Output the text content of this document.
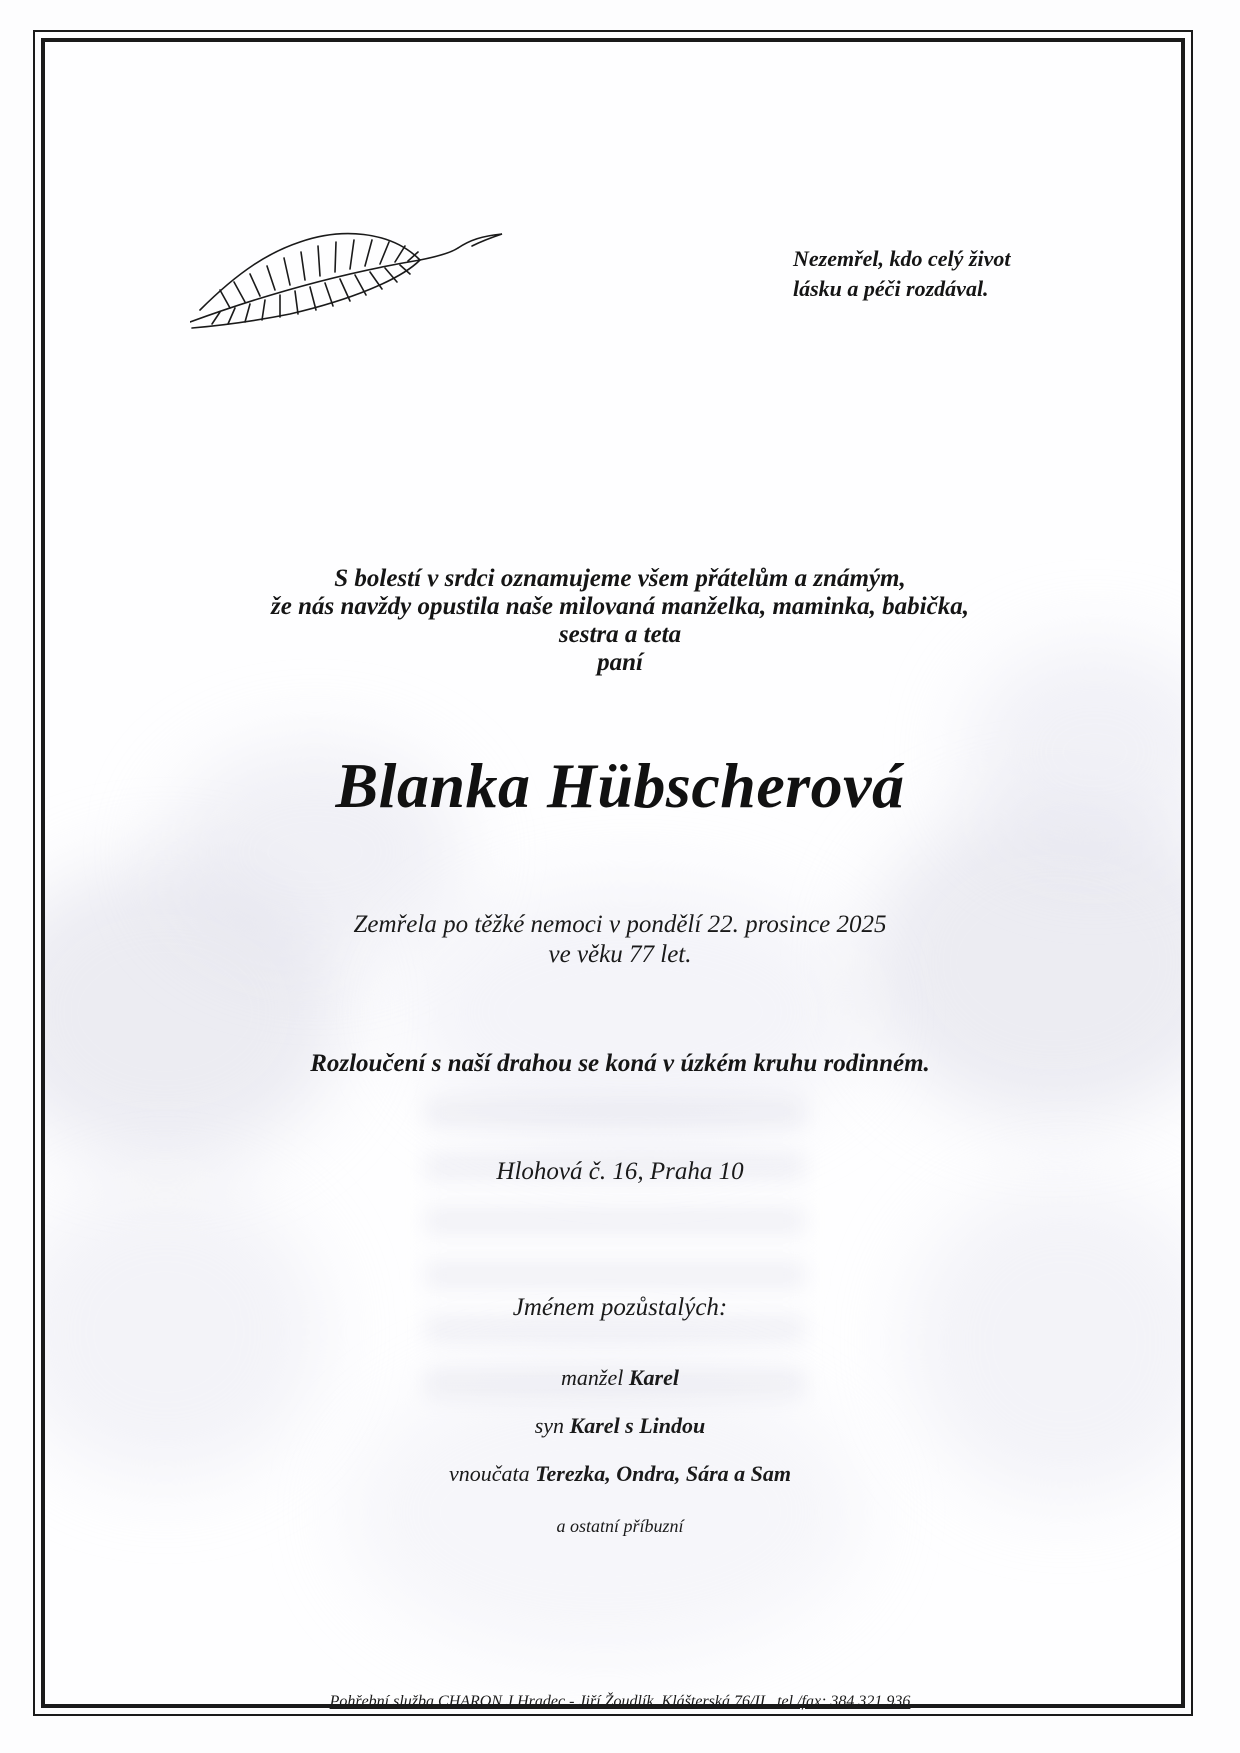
Nezemřel, kdo celý život
lásku a péči rozdával.
S bolestí v srdci oznamujeme všem přátelům a známým,
že nás navždy opustila naše milovaná manželka, maminka, babička,
sestra a teta
paní
Blanka Hübscherová
Zemřela po těžké nemoci v pondělí 22. prosince 2025
ve věku 77 let.
Rozloučení s naší drahou se koná v úzkém kruhu rodinném.
Hlohová č. 16, Praha 10
Jménem pozůstalých:
manžel Karel
syn Karel s Lindou
vnoučata Terezka, Ondra, Sára a Sam
a ostatní příbuzní
Pohřební služba CHARON J.Hradec - Jiří Žoudlík, Klášterská 76/II., tel./fax: 384 321 936
